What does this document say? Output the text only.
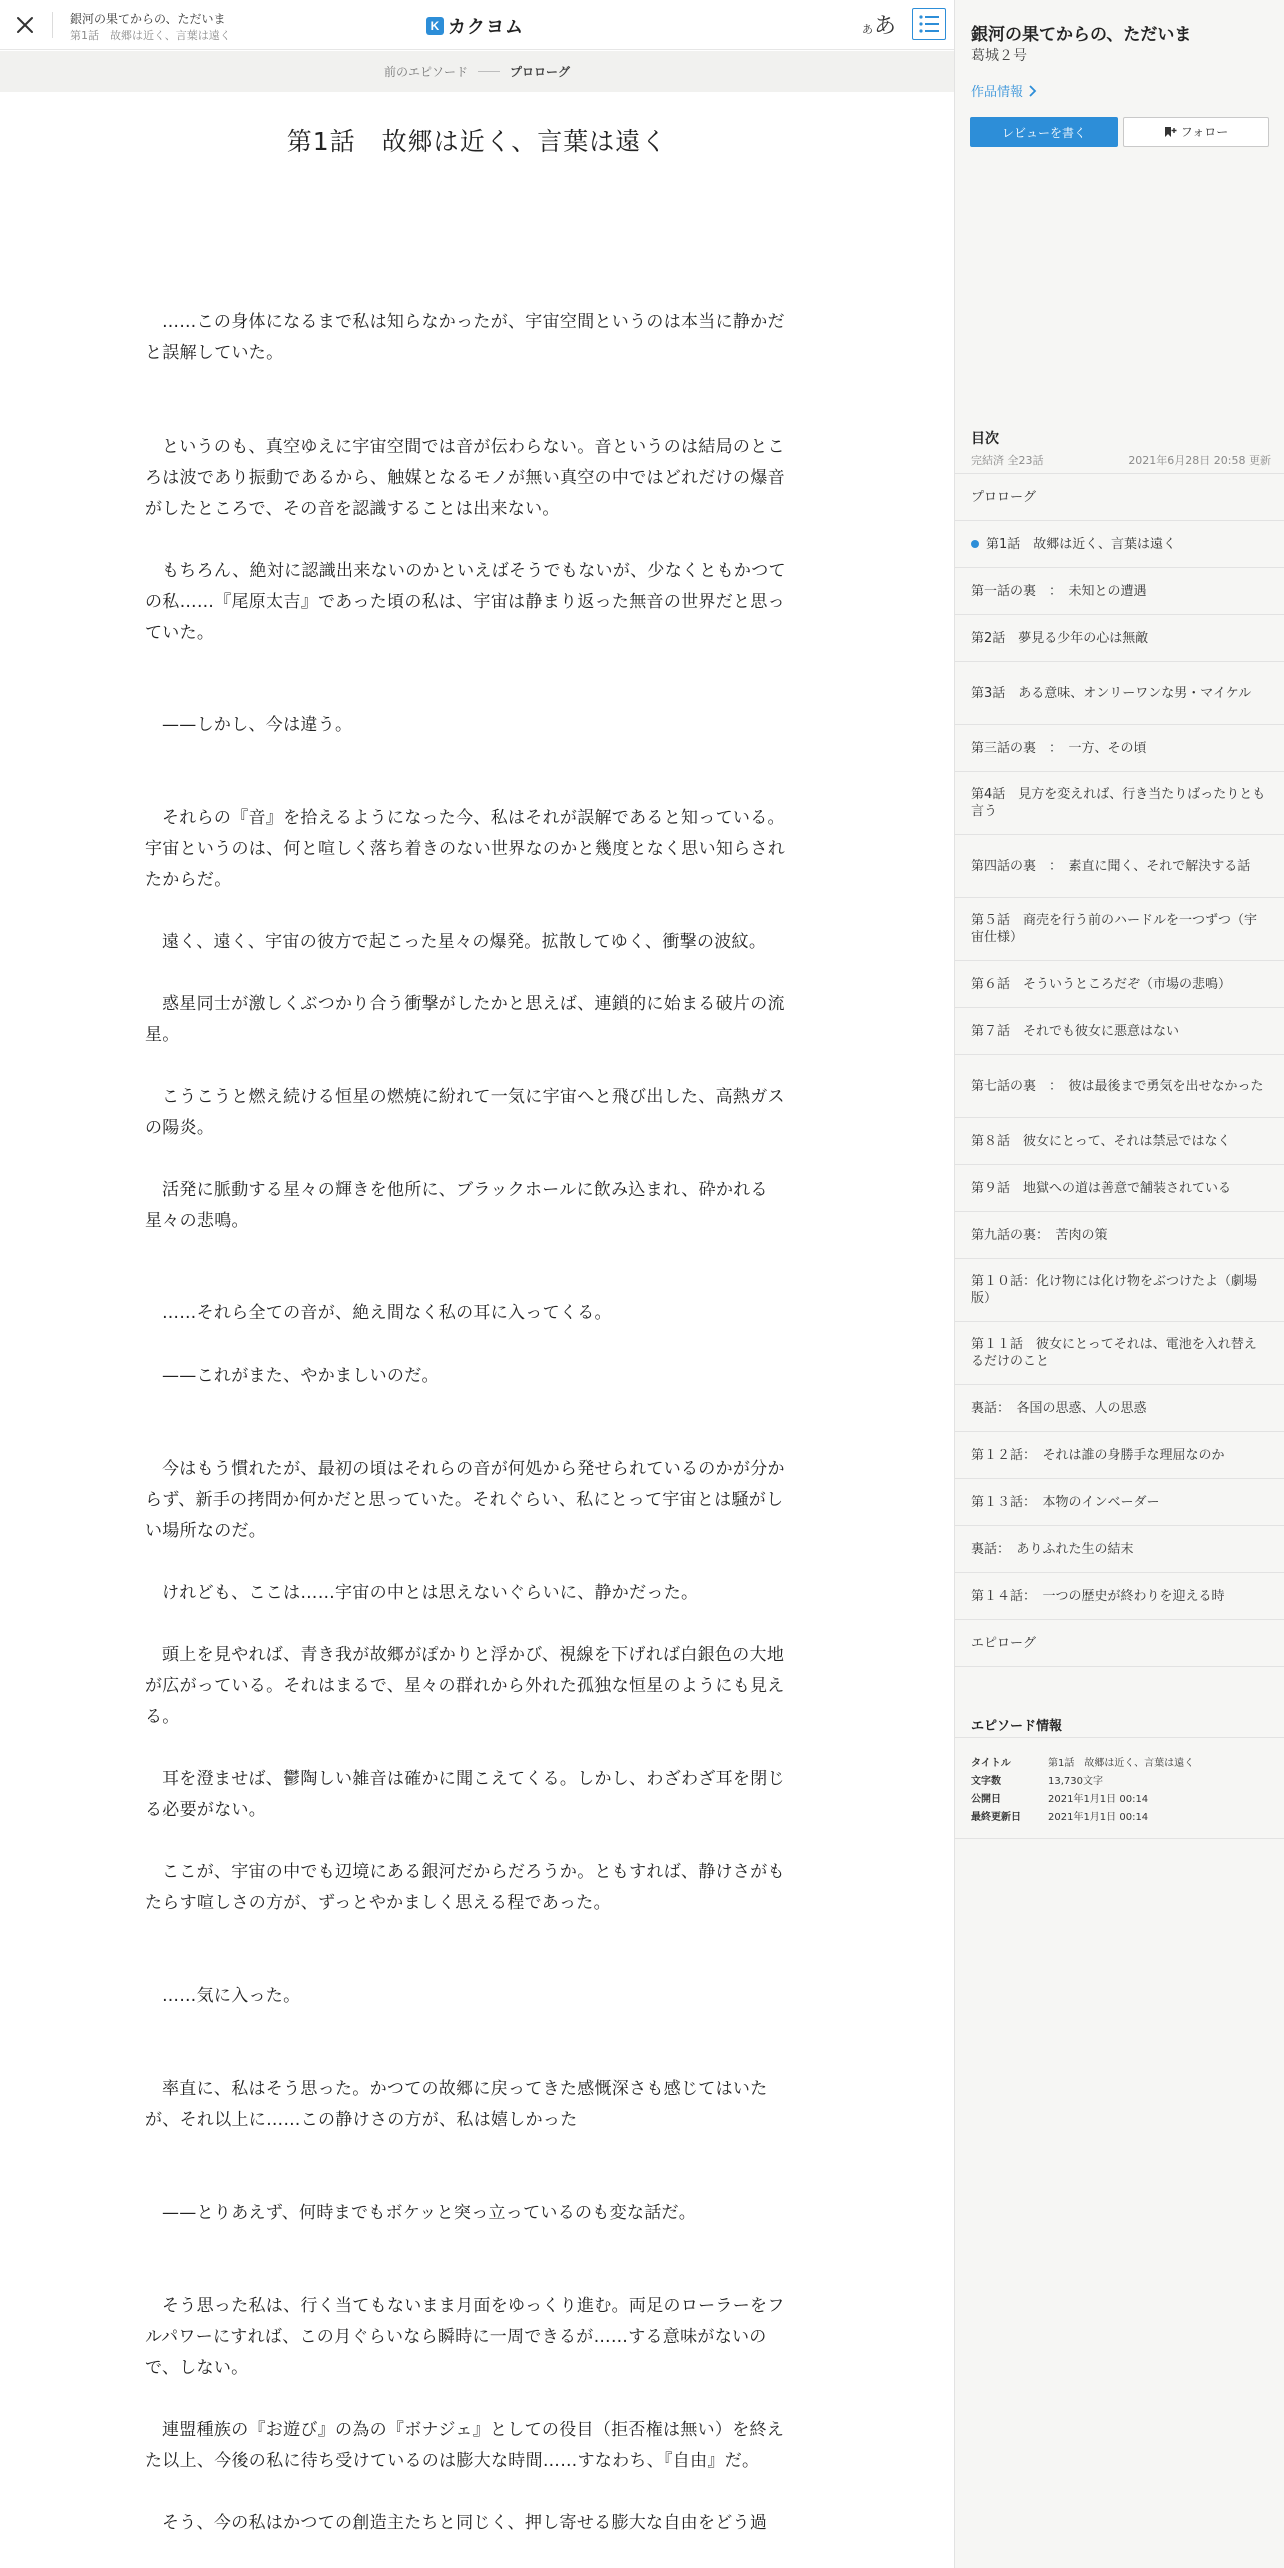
銀河の果てからの、ただいま
第1話　故郷は近く、言葉は遠く
K カクヨム	あ あ
前のエピソード	プロローグ
第1話　故郷は近く、言葉は遠く

……この身体になるまで私は知らなかったが、宇宙空間というのは本当に静かだと誤解していた。

というのも、真空ゆえに宇宙空間では音が伝わらない。音というのは結局のところは波であり振動であるから、触媒となるモノが無い真空の中ではどれだけの爆音がしたところで、その音を認識することは出来ない。

もちろん、絶対に認識出来ないのかといえばそうでもないが、少なくともかつての私……『尾原太吉』であった頃の私は、宇宙は静まり返った無音の世界だと思っていた。

——しかし、今は違う。

それらの『音』を拾えるようになった今、私はそれが誤解であると知っている。宇宙というのは、何と喧しく落ち着きのない世界なのかと幾度となく思い知らされたからだ。

遠く、遠く、宇宙の彼方で起こった星々の爆発。拡散してゆく、衝撃の波紋。

惑星同士が激しくぶつかり合う衝撃がしたかと思えば、連鎖的に始まる破片の流星。

こうこうと燃え続ける恒星の燃焼に紛れて一気に宇宙へと飛び出した、高熱ガスの陽炎。

活発に脈動する星々の輝きを他所に、ブラックホールに飲み込まれ、砕かれる星々の悲鳴。

……それら全ての音が、絶え間なく私の耳に入ってくる。

——これがまた、やかましいのだ。

今はもう慣れたが、最初の頃はそれらの音が何処から発せられているのかが分からず、新手の拷問か何かだと思っていた。それぐらい、私にとって宇宙とは騒がしい場所なのだ。

けれども、ここは……宇宙の中とは思えないぐらいに、静かだった。

頭上を見やれば、青き我が故郷がぽかりと浮かび、視線を下げれば白銀色の大地が広がっている。それはまるで、星々の群れから外れた孤独な恒星のようにも見える。

耳を澄ませば、鬱陶しい雑音は確かに聞こえてくる。しかし、わざわざ耳を閉じる必要がない。

ここが、宇宙の中でも辺境にある銀河だからだろうか。ともすれば、静けさがもたらす喧しさの方が、ずっとやかましく思える程であった。

……気に入った。

率直に、私はそう思った。かつての故郷に戻ってきた感慨深さも感じてはいたが、それ以上に……この静けさの方が、私は嬉しかった

——とりあえず、何時までもボケッと突っ立っているのも変な話だ。

そう思った私は、行く当てもないまま月面をゆっくり進む。両足のローラーをフルパワーにすれば、この月ぐらいなら瞬時に一周できるが……する意味がないので、しない。

連盟種族の『お遊び』の為の『ボナジェ』としての役目（拒否権は無い）を終えた以上、今後の私に待ち受けているのは膨大な時間……すなわち、『自由』だ。

そう、今の私はかつての創造主たちと同じく、押し寄せる膨大な自由をどう過

銀河の果てからの、ただいま
葛城２号
作品情報
レビューを書く	フォロー
目次
完結済 全23話	2021年6月28日 20:58 更新
プロローグ
第1話　故郷は近く、言葉は遠く
第一話の裏　：　未知との遭遇
第2話　夢見る少年の心は無敵
第3話　ある意味、オンリーワンな男・マイケル
第三話の裏　：　一方、その頃
第4話　見方を変えれば、行き当たりばったりとも言う
第四話の裏　：　素直に聞く、それで解決する話
第５話　商売を行う前のハードルを一つずつ（宇宙仕様）
第６話　そういうところだぞ（市場の悲鳴）
第７話　それでも彼女に悪意はない
第七話の裏　：　彼は最後まで勇気を出せなかった
第８話　彼女にとって、それは禁忌ではなく
第９話　地獄への道は善意で舗装されている
第九話の裏：　苦肉の策
第１０話：化け物には化け物をぶつけたよ（劇場版）
第１１話　彼女にとってそれは、電池を入れ替えるだけのこと
裏話：　各国の思惑、人の思惑
第１２話：　それは誰の身勝手な理屈なのか
第１３話：　本物のインベーダー
裏話：　ありふれた生の結末
第１４話：　一つの歴史が終わりを迎える時
エピローグ
エピソード情報
タイトル	第1話　故郷は近く、言葉は遠く
文字数	13,730文字
公開日	2021年1月1日 00:14
最終更新日	2021年1月1日 00:14
